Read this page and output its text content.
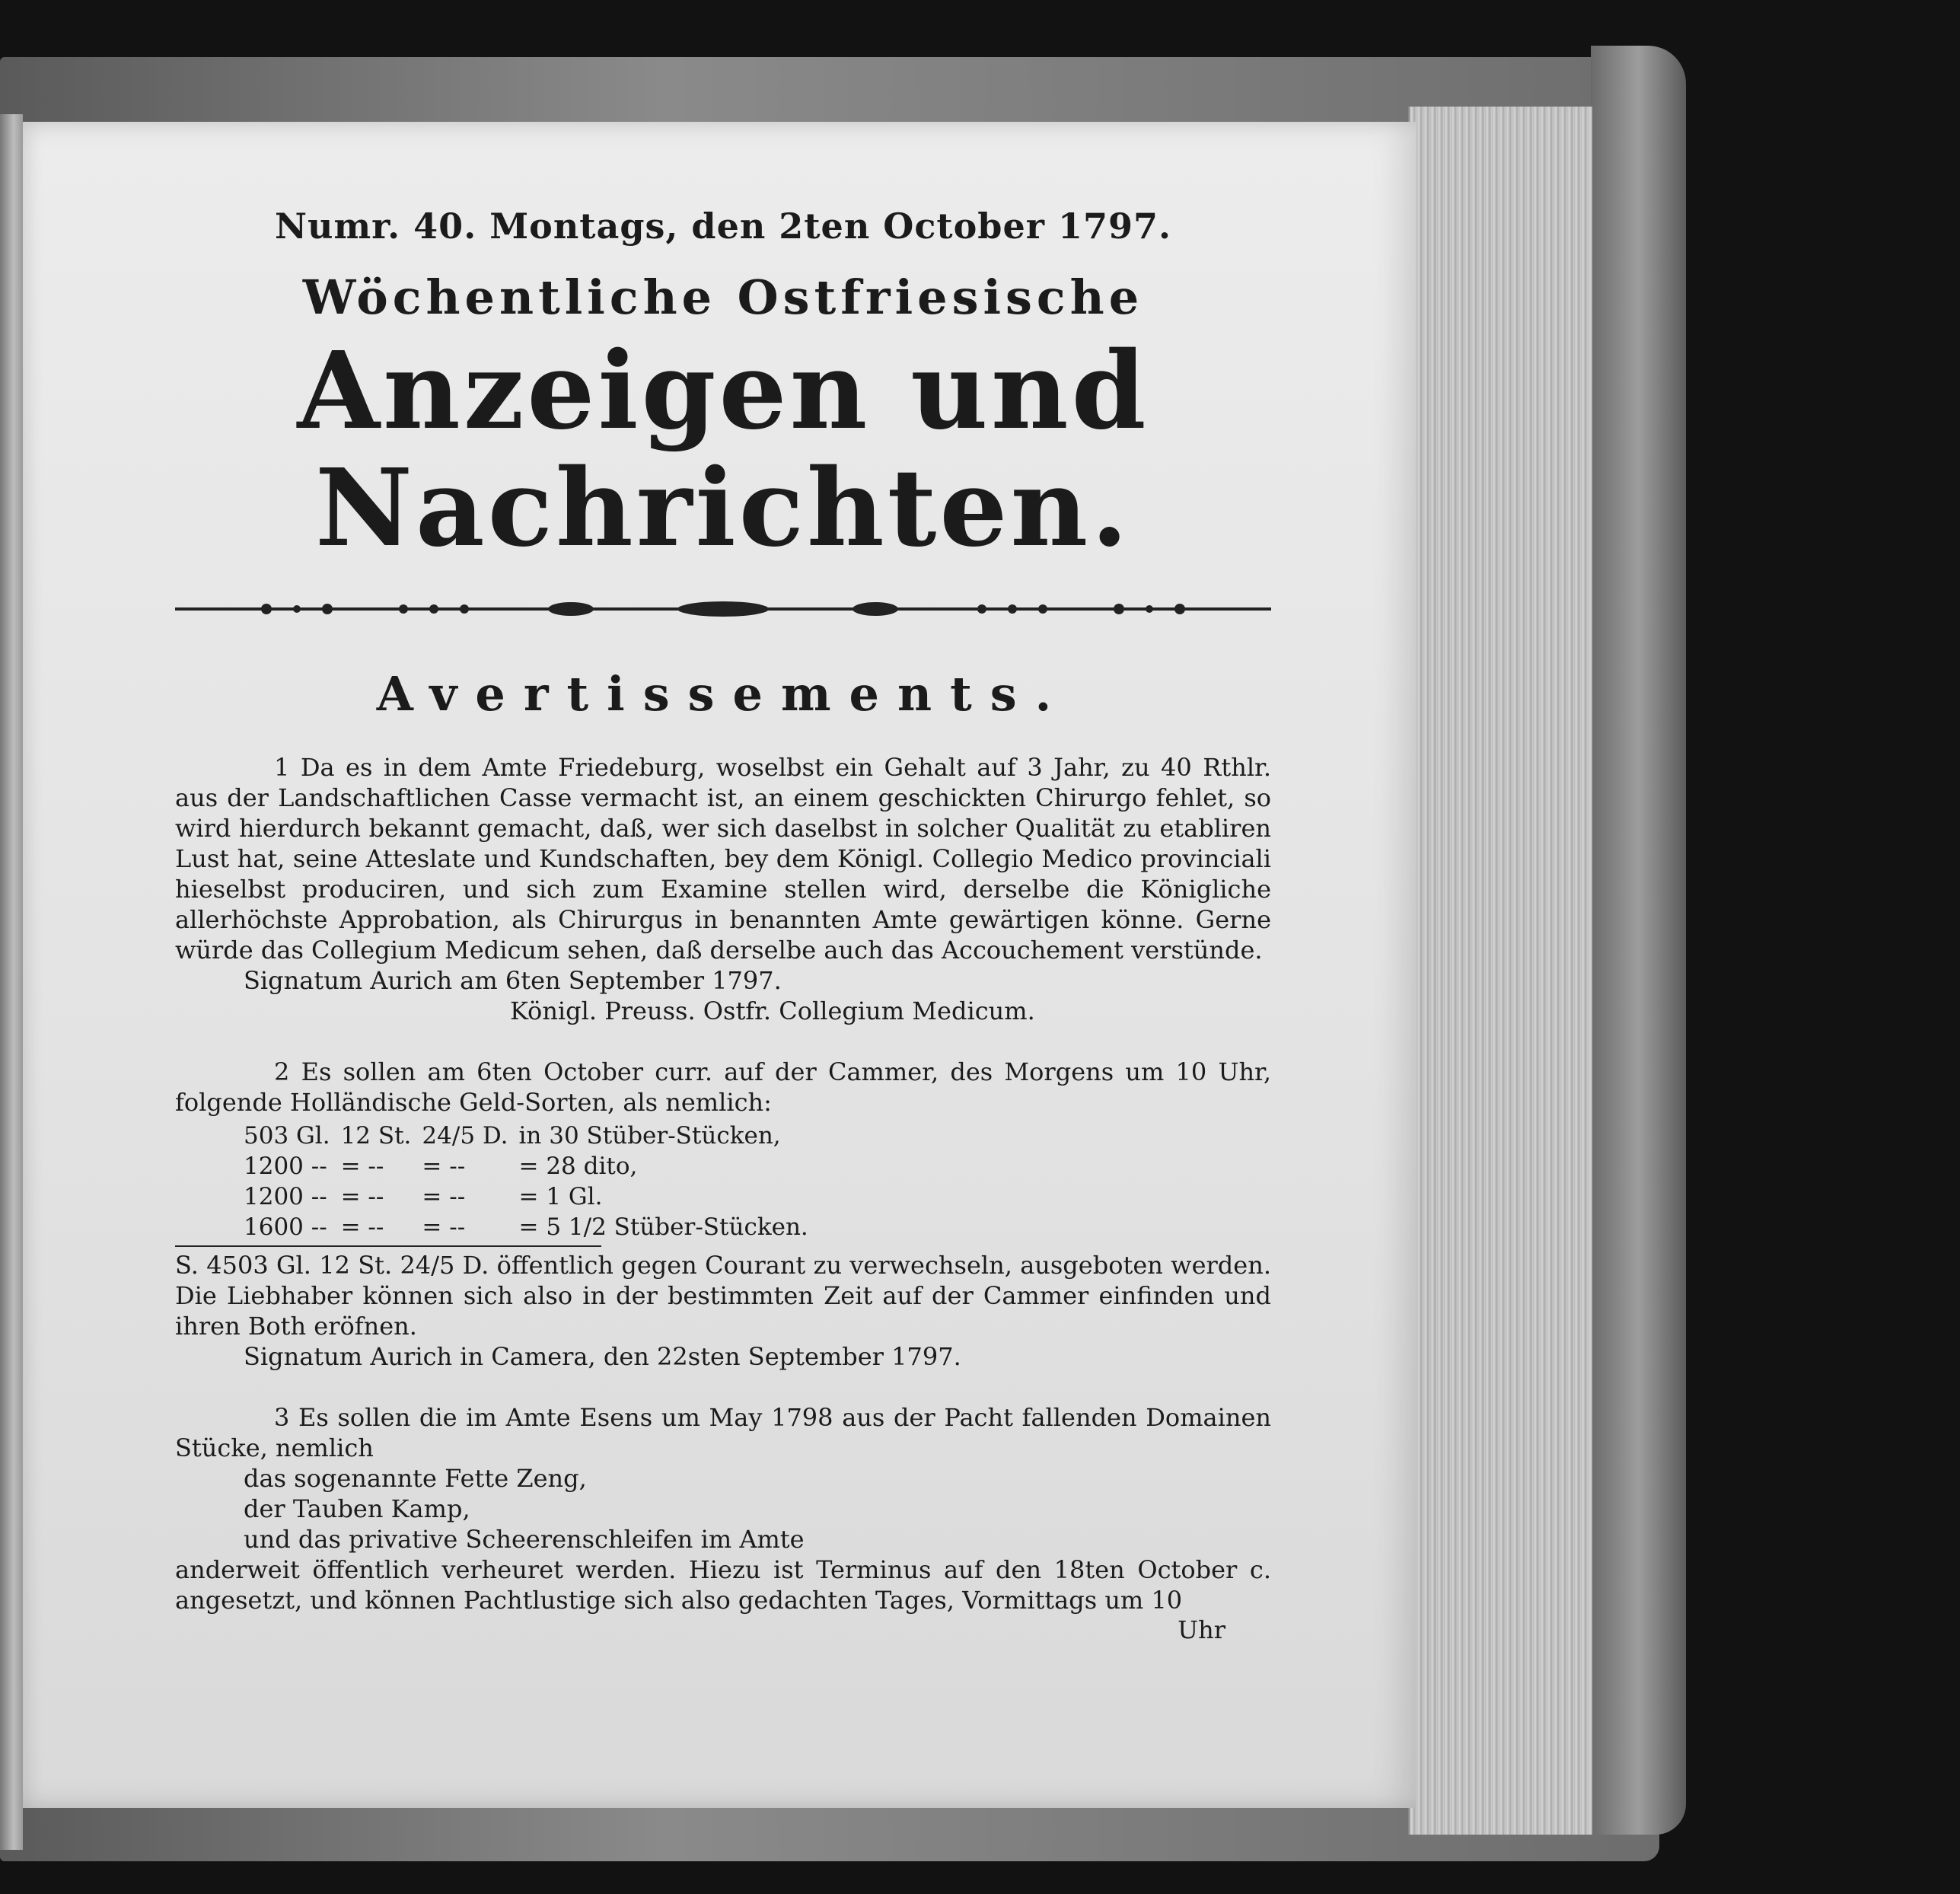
Numr. 40. Montags, den 2ten October 1797.

Wöchentliche Ostfriesische

Anzeigen und Nachrichten.

Avertissements.

1 Da es in dem Amte Friedeburg, woselbst ein Gehalt auf 3 Jahr, zu 40 Rthlr. aus der Landschaftlichen Casse vermacht ist, an einem geschickten Chirurgo fehlet, so wird hierdurch bekannt gemacht, daß, wer sich daselbst in solcher Qualität zu etabliren Lust hat, seine Atteslate und Kundschaften, bey dem Königl. Collegio Medico provinciali hieselbst produciren, und sich zum Examine stellen wird, derselbe die Königliche allerhöchste Approbation, als Chirurgus in benannten Amte gewärtigen könne. Gerne würde das Collegium Medicum sehen, daß derselbe auch das Accouchement verstünde.

Signatum Aurich am 6ten September 1797.

Königl. Preuss. Ostfr. Collegium Medicum.

2 Es sollen am 6ten October curr. auf der Cammer, des Morgens um 10 Uhr, folgende Holländische Geld-Sorten, als nemlich:

503 Gl.	12 St.	24/5 D.	in 30 Stüber-Stücken,
1200 --	= --	= --	= 28 dito,
1200 --	= --	= --	= 1 Gl.
1600 --	= --	= --	= 5 1/2 Stüber-Stücken.

S. 4503 Gl. 12 St. 24/5 D. öffentlich gegen Courant zu verwechseln, ausgeboten werden. Die Liebhaber können sich also in der bestimmten Zeit auf der Cammer einfinden und ihren Both eröfnen.

Signatum Aurich in Camera, den 22sten September 1797.

3 Es sollen die im Amte Esens um May 1798 aus der Pacht fallenden Domainen Stücke, nemlich

das sogenannte Fette Zeng,

der Tauben Kamp,

und das privative Scheerenschleifen im Amte

anderweit öffentlich verheuret werden. Hiezu ist Terminus auf den 18ten October c. angesetzt, und können Pachtlustige sich also gedachten Tages, Vormittags um 10

Uhr
